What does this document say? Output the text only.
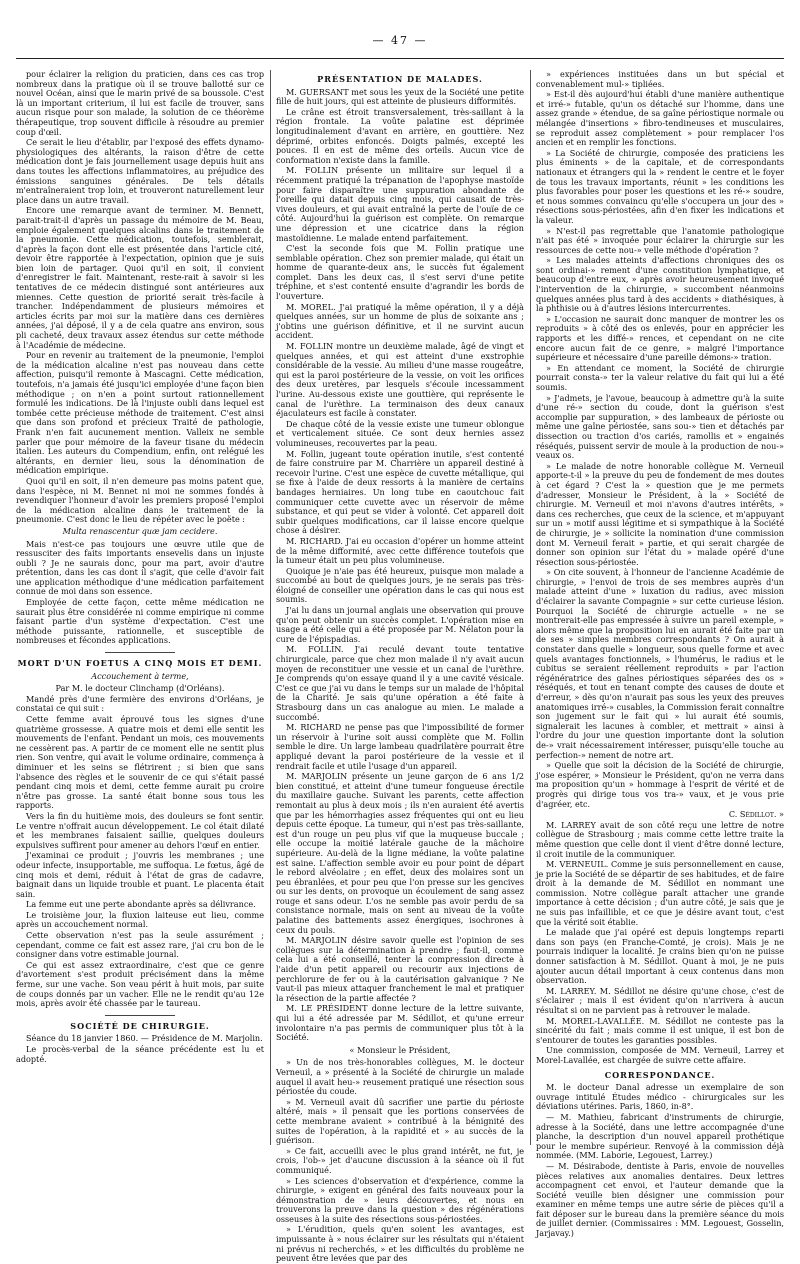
— 47 —

pour éclairer la religion du praticien, dans ces cas trop nombreux dans la pratique où il se trouve ballotté sur ce nouvel Océan, ainsi que le marin privé de sa boussole. C'est là un important criterium, il lui est facile de trouver, sans aucun risque pour son malade, la solution de ce théorème thérapeutique, trop souvent difficile à résoudre au premier coup d'œil.

Ce serait le lieu d'établir, par l'exposé des effets dynamo-physiologiques des altérants, la raison d'être de cette médication dont je fais journellement usage depuis huit ans dans toutes les affections inflammatoires, au préjudice des émissions sanguines générales. De tels détails m'entraîneraient trop loin, et trouveront naturellement leur place dans un autre travail.

Encore une remarque avant de terminer. M. Bennett, parait-trait-il d'après un passage du mémoire de M. Beau, emploie également quelques alcalins dans le traitement de la pneumonie. Cette médication, toutefois, semblerait, d'après la façon dont elle est présentée dans l'article cité, devoir être rapportée à l'expectation, opinion que je suis bien loin de partager. Quoi qu'il en soit, il convient d'enregistrer le fait. Maintenant, reste-rait à savoir si les tentatives de ce médecin distingué sont antérieures aux miennes. Cette question de priorité serait très-facile à trancher. Indépendamment de plusieurs mémoires et articles écrits par moi sur la matière dans ces dernières années, j'ai déposé, il y a de cela quatre ans environ, sous pli cacheté, deux travaux assez étendus sur cette méthode à l'Académie de médecine.

Pour en revenir au traitement de la pneumonie, l'emploi de la médication alcaline n'est pas nouveau dans cette affection, puisqu'il remonte à Mascagni. Cette médication, toutefois, n'a jamais été jusqu'ici employée d'une façon bien méthodique ; on n'en a point surtout rationnellement formulé les indications. De là l'injuste oubli dans lequel est tombée cette précieuse méthode de traitement. C'est ainsi que dans son profond et précieux Traité de pathologie, Frank n'en fait aucunement mention. Valleix ne semble parler que pour mémoire de la faveur tisane du médecin italien. Les auteurs du Compendium, enfin, ont relégué les altérants, en dernier lieu, sous la dénomination de médication empirique.

Quoi qu'il en soit, il n'en demeure pas moins patent que, dans l'espèce, ni M. Bennet ni moi ne sommes fondés à revendiquer l'honneur d'avoir les premiers proposé l'emploi de la médication alcaline dans le traitement de la pneumonie. C'est donc le lieu de répéter avec le poëte :

Multa renascentur quæ jam cecidere.

Mais n'est-ce pas toujours une œuvre utile que de ressusciter des faits importants ensevelis dans un injuste oubli ? Je ne saurais donc, pour ma part, avoir d'autre prétention, dans les cas dont il s'agit, que celle d'avoir fait une application méthodique d'une médication parfaitement connue de moi dans son essence.

Employée de cette façon, cette même médication ne saurait plus être considérée ni comme empirique ni comme faisant partie d'un système d'expectation. C'est une méthode puissante, rationnelle, et susceptible de nombreuses et fécondes applications.

MORT D'UN FOETUS A CINQ MOIS ET DEMI.
Accouchement à terme,

Par M. le docteur Clinchamp (d'Orléans).

Mandé près d'une fermière des environs d'Orléans, je constatai ce qui suit :

Cette femme avait éprouvé tous les signes d'une quatrième grossesse. A quatre mois et demi elle sentit les mouvements de l'enfant. Pendant un mois, ces mouvements ne cessèrent pas. A partir de ce moment elle ne sentit plus rien. Son ventre, qui avait le volume ordinaire, commença à diminuer et les seins se flétrirent ; si bien que sans l'absence des règles et le souvenir de ce qui s'était passé pendant cinq mois et demi, cette femme aurait pu croire n'être pas grosse. La santé était bonne sous tous les rapports.

Vers la fin du huitième mois, des douleurs se font sentir. Le ventre n'offrait aucun développement. Le col était dilaté et les membranes faisaient saillie, quelques douleurs expulsives suffirent pour amener au dehors l'œuf en entier.

J'examinai ce produit ; j'ouvris les membranes ; une odeur infecte, insupportable, me suffoqua. Le fœtus, âgé de cinq mois et demi, réduit à l'état de gras de cadavre, baignait dans un liquide trouble et puant. Le placenta était sain.

La femme eut une perte abondante après sa délivrance.

Le troisième jour, la fluxion laiteuse eut lieu, comme après un accouchement normal.

Cette observation n'est pas la seule assurément ; cependant, comme ce fait est assez rare, j'ai cru bon de le consigner dans votre estimable journal.

Ce qui est assez extraordinaire, c'est que ce genre d'avortement s'est produit précisément dans la même ferme, sur une vache. Son veau périt à huit mois, par suite de coups donnés par un vacher. Elle ne le rendit qu'au 12e mois, après avoir été chassée par le taureau.

SOCIÉTÉ DE CHIRURGIE.

Séance du 18 janvier 1860. — Présidence de M. Marjolin.

Le procès-verbal de la séance précédente est lu et adopté.

PRÉSENTATION DE MALADES.

M. GUERSANT met sous les yeux de la Société une petite fille de huit jours, qui est atteinte de plusieurs difformités.

Le crâne est étroit transversalement, très-saillant à la région frontale. La voûte palatine est déprimée longitudinalement d'avant en arrière, en gouttière. Nez déprimé, orbites enfoncés. Doigts palmés, excepté les pouces. Il en est de même des orteils. Aucun vice de conformation n'existe dans la famille.

M. FOLLIN présente un militaire sur lequel il a récemment pratiqué la trépanation de l'apophyse mastoïde pour faire disparaître une suppuration abondante de l'oreille qui datait depuis cinq mois, qui causait de très-vives douleurs, et qui avait entraîné la perte de l'ouïe de ce côté. Aujourd'hui la guérison est complète. On remarque une dépression et une cicatrice dans la région mastoïdienne. Le malade entend parfaitement.

C'est la seconde fois que M. Follin pratique une semblable opération. Chez son premier malade, qui était un homme de quarante-deux ans, le succès fut également complet. Dans les deux cas, il s'est servi d'une petite tréphine, et s'est contenté ensuite d'agrandir les bords de l'ouverture.

M. MOREL. J'ai pratiqué la même opération, il y a déjà quelques années, sur un homme de plus de soixante ans ; j'obtins une guérison définitive, et il ne survint aucun accident.

M. FOLLIN montre un deuxième malade, âgé de vingt et quelques années, et qui est atteint d'une exstrophie considérable de la vessie. Au milieu d'une masse rougeâtre, qui est la paroi postérieure de la vessie, on voit les orifices des deux uretères, par lesquels s'écoule incessamment l'urine. Au-dessous existe une gouttière, qui représente le canal de l'urèthre. La terminaison des deux canaux éjaculateurs est facile à constater.

De chaque côté de la vessie existe une tumeur oblongue et verticalement située. Ce sont deux hernies assez volumineuses, recouvertes par la peau.

M. Follin, jugeant toute opération inutile, s'est contenté de faire construire par M. Charrière un appareil destiné à recevoir l'urine. C'est une espèce de cuvette métallique, qui se fixe à l'aide de deux ressorts à la manière de certains bandages herniaires. Un long tube en caoutchouc fait communiquer cette cuvette avec un réservoir de même substance, et qui peut se vider à volonté. Cet appareil doit subir quelques modifications, car il laisse encore quelque chose à désirer.

M. RICHARD. J'ai eu occasion d'opérer un homme atteint de la même difformité, avec cette différence toutefois que la tumeur était un peu plus volumineuse.

Quoique je n'aie pas été heureux, puisque mon malade a succombé au bout de quelques jours, je ne serais pas très-éloigné de conseiller une opération dans le cas qui nous est soumis.

J'ai lu dans un journal anglais une observation qui prouve qu'on peut obtenir un succès complet. L'opération mise en usage a été celle qui a été proposée par M. Nélaton pour la cure de l'épispadias.

M. FOLLIN. J'ai reculé devant toute tentative chirurgicale, parce que chez mon malade il n'y avait aucun moyen de reconstituer une vessie et un canal de l'urèthre. Je comprends qu'on essaye quand il y a une cavité vésicale. C'est ce que j'ai vu dans le temps sur un malade de l'hôpital de la Charité. Je sais qu'une opération a été faite à Strasbourg dans un cas analogue au mien. Le malade a succombé.

M. RICHARD ne pense pas que l'impossibilité de former un réservoir à l'urine soit aussi complète que M. Follin semble le dire. Un large lambeau quadrilatère pourrait être appliqué devant la paroi postérieure de la vessie et il rendrait facile et utile l'usage d'un appareil.

M. MARJOLIN présente un jeune garçon de 6 ans 1/2 bien constitué, et atteint d'une tumeur fongueuse érectile du maxillaire gauche. Suivant les parents, cette affection remontait au plus à deux mois ; ils n'en auraient été avertis que par les hémorrhagies assez fréquentes qui ont eu lieu depuis cette époque. La tumeur, qui n'est pas très-saillante, est d'un rouge un peu plus vif que la muqueuse buccale ; elle occupe la moitié latérale gauche de la mâchoire supérieure. Au-delà de la ligne médiane, la voûte palatine est saine. L'affection semble avoir eu pour point de départ le rebord alvéolaire ; en effet, deux des molaires sont un peu ébranlées, et pour peu que l'on presse sur les gencives ou sur les dents, on provoque un écoulement de sang assez rouge et sans odeur. L'os ne semble pas avoir perdu de sa consistance normale, mais on sent au niveau de la voûte palatine des battements assez énergiques, isochrones à ceux du pouls.

M. MARJOLIN désire savoir quelle est l'opinion de ses collègues sur la détermination à prendre ; faut-il, comme cela lui a été conseillé, tenter la compression directe à l'aide d'un petit appareil ou recourir aux injections de perchlorure de fer ou à la cautérisation galvanique ? Ne vaut-il pas mieux attaquer franchement le mal et pratiquer la résection de la partie affectée ?

M. LE PRÉSIDENT donne lecture de la lettre suivante, qui lui a été adressée par M. Sédillot, et qu'une erreur involontaire n'a pas permis de communiquer plus tôt à la Société.

« Monsieur le Président,

» Un de nos très-honorables collègues, M. le docteur Verneuil, a » présenté à la Société de chirurgie un malade auquel il avait heu-» reusement pratiqué une résection sous périostée du coude.

» M. Verneuil avait dû sacrifier une partie du périoste altéré, mais » il pensait que les portions conservées de cette membrane avaient » contribué à la bénignité des suites de l'opération, à la rapidité et » au succès de la guérison.

» Ce fait, accueilli avec le plus grand intérêt, ne fut, je crois, l'ob-» jet d'aucune discussion à la séance où il fut communiqué.

» Les sciences d'observation et d'expérience, comme la chirurgie, » exigent en général des faits nouveaux pour la démonstration de » leurs découvertes, et nous en trouverons la preuve dans la question » des régénérations osseuses à la suite des résections sous-périostées.

» L'érudition, quels qu'en soient les avantages, est impuissante à » nous éclairer sur les résultats qui n'étaient ni prévus ni recherchés, » et les difficultés du problème ne peuvent être levées que par des

» expériences instituées dans un but spécial et convenablement mul-» tipliées.

» Est-il dès aujourd'hui établi d'une manière authentique et irré-» futable, qu'un os détaché sur l'homme, dans une assez grande » étendue, de sa gaîne périostique normale ou mélangée d'insertions » fibro-tendineuses et musculaires, se reproduit assez complètement » pour remplacer l'os ancien et en remplir les fonctions.

» La Société de chirurgie, composée des praticiens les plus éminents » de la capitale, et de correspondants nationaux et étrangers qui la » rendent le centre et le foyer de tous les travaux importants, réunit » les conditions les plus favorables pour poser les questions et les ré-» soudre, et nous sommes convaincu qu'elle s'occupera un jour des » résections sous-périostées, afin d'en fixer les indications et la valeur.

» N'est-il pas regrettable que l'anatomie pathologique n'ait pas été » invoquée pour éclairer la chirurgie sur les ressources de cette nou-» velle méthode d'opération ?

» Les malades atteints d'affections chroniques des os sont ordinai-» rement d'une constitution lymphatique, et beaucoup d'entre eux, » après avoir heureusement invoqué l'intervention de la chirurgie, » succombent néanmoins quelques années plus tard à des accidents » diathésiques, à la phthisie ou à d'autres lésions intercurrentes.

» L'occasion ne saurait donc manquer de montrer les os reproduits » à côté des os enlevés, pour en apprécier les rapports et les diffé-» rences, et cependant on ne cite encore aucun fait de ce genre, » malgré l'importance supérieure et nécessaire d'une pareille démons-» tration.

» En attendant ce moment, la Société de chirurgie pourrait consta-» ter la valeur relative du fait qui lui a été soumis.

» J'admets, je l'avoue, beaucoup à admettre qu'à la suite d'une ré-» section du coude, dont la guérison s'est accomplie par suppuration, » des lambeaux de périoste ou même une gaîne périostée, sans sou-» tien et détachés par dissection ou traction d'os cariés, ramollis et » engainés réséqués, puissent servir de moule à la production de nou-» veaux os.

» Le malade de notre honorable collègue M. Verneuil apporte-t-il » la preuve du peu de fondement de mes doutes à cet égard ? C'est la » question que je me permets d'adresser, Monsieur le Président, à la » Société de chirurgie. M. Verneuil et moi n'avons d'autres intérêts, » dans ces recherches, que ceux de la science, et m'appuyant sur un » motif aussi légitime et si sympathique à la Société de chirurgie, je » sollicite la nomination d'une commission dont M. Verneuil ferait » partie, et qui serait chargée de donner son opinion sur l'état du » malade opéré d'une résection sous-périostée.

» On cite souvent, à l'honneur de l'ancienne Académie de chirurgie, » l'envoi de trois de ses membres auprès d'un malade atteint d'une » luxation du radius, avec mission d'éclairer la savante Compagnie » sur cette curieuse lésion. Pourquoi la Société de chirurgie actuelle » ne se montrerait-elle pas empressée à suivre un pareil exemple, » alors même que la proposition lui en aurait été faite par un de ses » simples membres correspondants ? On aurait à constater dans quelle » longueur, sous quelle forme et avec quels avantages fonctionnels, » l'humérus, le radius et le cubitus se seraient réellement reproduits » par l'action régénératrice des gaînes périostiques séparées des os » réséqués, et tout en tenant compte des causes de doute et d'erreur, » dès qu'on n'aurait pas sous les yeux des preuves anatomiques irré-» cusables, la Commission ferait connaître son jugement sur le fait qui » lui aurait été soumis, signalerait les lacunes à combler, et mettrait » ainsi à l'ordre du jour une question importante dont la solution de-» vrait nécessairement intéresser, puisqu'elle touche au perfection-» nement de notre art.

» Quelle que soit la décision de la Société de chirurgie, j'ose espérer, » Monsieur le Président, qu'on ne verra dans ma proposition qu'un » hommage à l'esprit de vérité et de progrès qui dirige tous vos tra-» vaux, et je vous prie d'agréer, etc.

C. Sédillot. »

M. LARREY avait de son côté reçu une lettre de notre collègue de Strasbourg ; mais comme cette lettre traite la même question que celle dont il vient d'être donné lecture, il croit inutile de la communiquer.

M. VERNEUIL. Comme je suis personnellement en cause, je prie la Société de se départir de ses habitudes, et de faire droit à la demande de M. Sédillot en nommant une commission. Notre collègue paraît attacher une grande importance à cette décision ; d'un autre côté, je sais que je ne suis pas infaillible, et ce que je désire avant tout, c'est que la vérité soit établie.

Le malade que j'ai opéré est depuis longtemps reparti dans son pays (en Franche-Comté, je crois). Mais je ne pourrais indiquer la localité. Je crains bien qu'on ne puisse donner satisfaction à M. Sédillot. Quant à moi, je ne puis ajouter aucun détail important à ceux contenus dans mon observation.

M. LARREY. M. Sédillot ne désire qu'une chose, c'est de s'éclairer ; mais il est évident qu'on n'arrivera à aucun résultat si on ne parvient pas à retrouver le malade.

M. MOREL-LAVALLÉE. M. Sédillot ne conteste pas la sincérité du fait ; mais comme il est unique, il est bon de s'entourer de toutes les garanties possibles.

Une commission, composée de MM. Verneuil, Larrey et Morel-Lavallée, est chargée de suivre cette affaire.

CORRESPONDANCE.

M. le docteur Danal adresse un exemplaire de son ouvrage intitulé Études médico - chirurgicales sur les déviations utérines. Paris, 1860, in-8°.

— M. Mathieu, fabricant d'instruments de chirurgie, adresse à la Société, dans une lettre accompagnée d'une planche, la description d'un nouvel appareil prothétique pour le membre supérieur. Renvoyé à la commission déjà nommée. (MM. Laborie, Legouest, Larrey.)

— M. Désirabode, dentiste à Paris, envoie de nouvelles pièces relatives aux anomalies dentaires. Deux lettres accompagnent cet envoi, et l'auteur demande que la Société veuille bien désigner une commission pour examiner en même temps une autre série de pièces qu'il a fait déposer sur le bureau dans la première séance du mois de juillet dernier. (Commissaires : MM. Legouest, Gosselin, Jarjavay.)
